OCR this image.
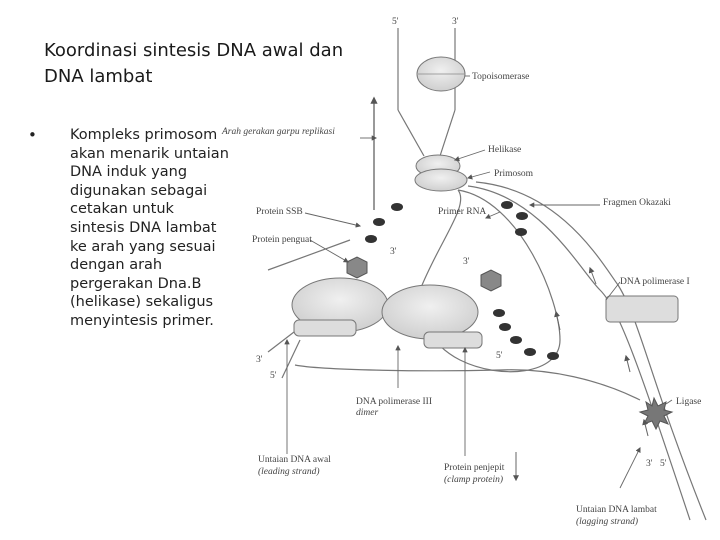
Koordinasi sintesis DNA awal dan DNA lambat
• Kompleks primosom akan menarik untaian DNA induk yang digunakan sebagai cetakan untuk sintesis DNA lambat ke arah yang sesuai dengan arah pergerakan Dna.B (helikase) sekaligus menyintesis primer.
5'	3'
Topoisomerase
Arah gerakan garpu replikasi
Helikase
Primosom
Fragmen Okazaki
Protein SSB	Primer RNA
Protein penguat
3'
3'
DNA polimerase I
3'
5'
5'
DNA polimerase III
dimer
Ligase
Untaian DNA awal
(leading strand)	Protein penjepit
(clamp protein)
3' 5'
Untaian DNA lambat
(lagging strand)
